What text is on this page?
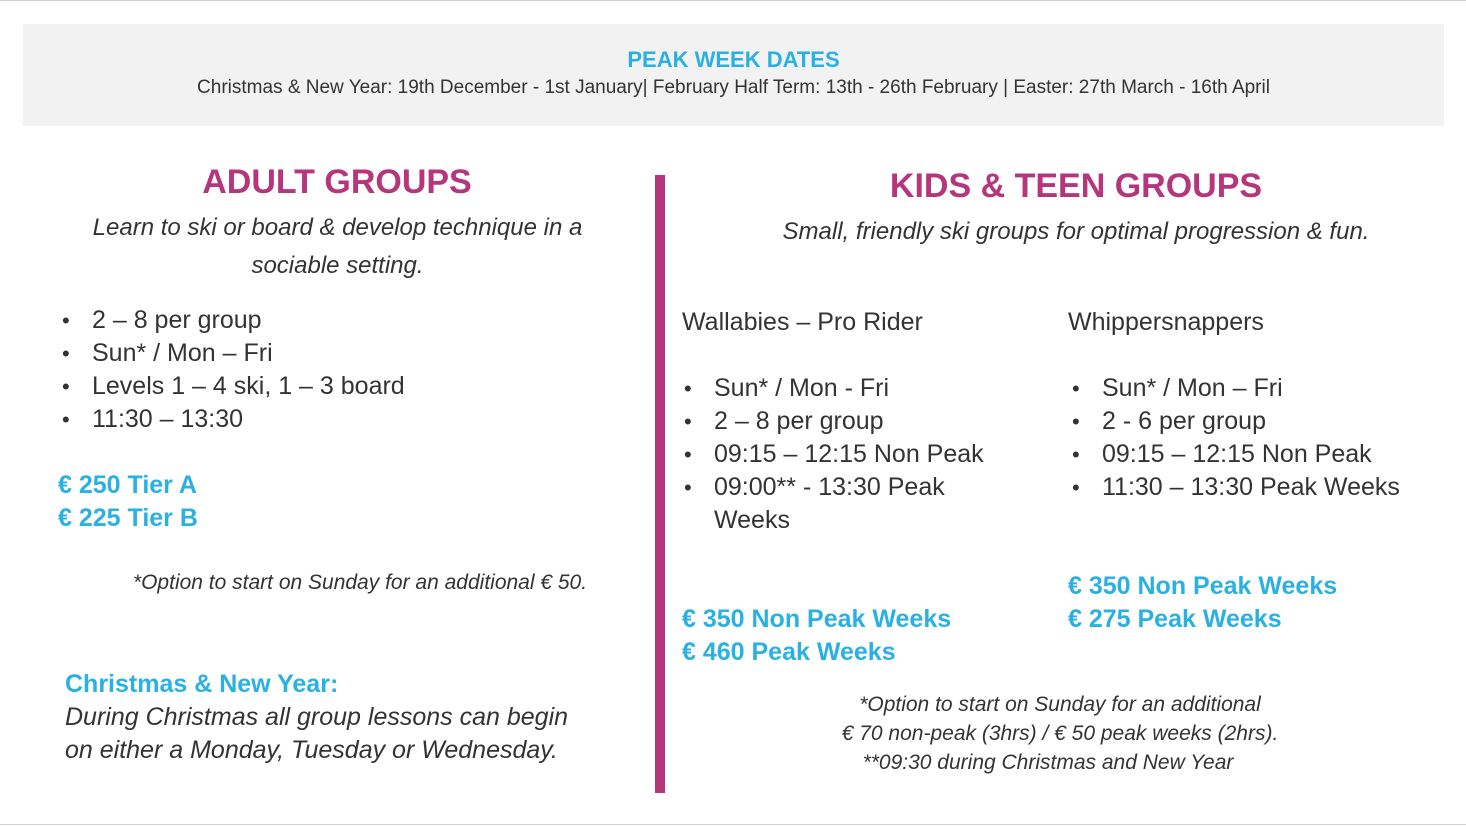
PEAK WEEK DATES
Christmas & New Year: 19th December - 1st January| February Half Term: 13th - 26th February | Easter: 27th March - 16th April
ADULT GROUPS
Learn to ski or board & develop technique in a sociable setting.
• 2 – 8 per group
• Sun* / Mon – Fri
• Levels 1 – 4 ski, 1 – 3 board
• 11:30 – 13:30
€ 250 Tier A
€ 225 Tier B
*Option to start on Sunday for an additional € 50.
Christmas & New Year:
During Christmas all group lessons can begin
on either a Monday, Tuesday or Wednesday.
KIDS & TEEN GROUPS
Small, friendly ski groups for optimal progression & fun.
Wallabies – Pro Rider
• Sun* / Mon - Fri
• 2 – 8 per group
• 09:15 – 12:15 Non Peak
• 09:00** - 13:30 Peak Weeks
€ 350 Non Peak Weeks
€ 460 Peak Weeks
Whippersnappers
• Sun* / Mon – Fri
• 2 - 6 per group
• 09:15 – 12:15 Non Peak
• 11:30 – 13:30 Peak Weeks
€ 350 Non Peak Weeks
€ 275 Peak Weeks
*Option to start on Sunday for an additional
€ 70 non-peak (3hrs) / € 50 peak weeks (2hrs).
**09:30 during Christmas and New Year
